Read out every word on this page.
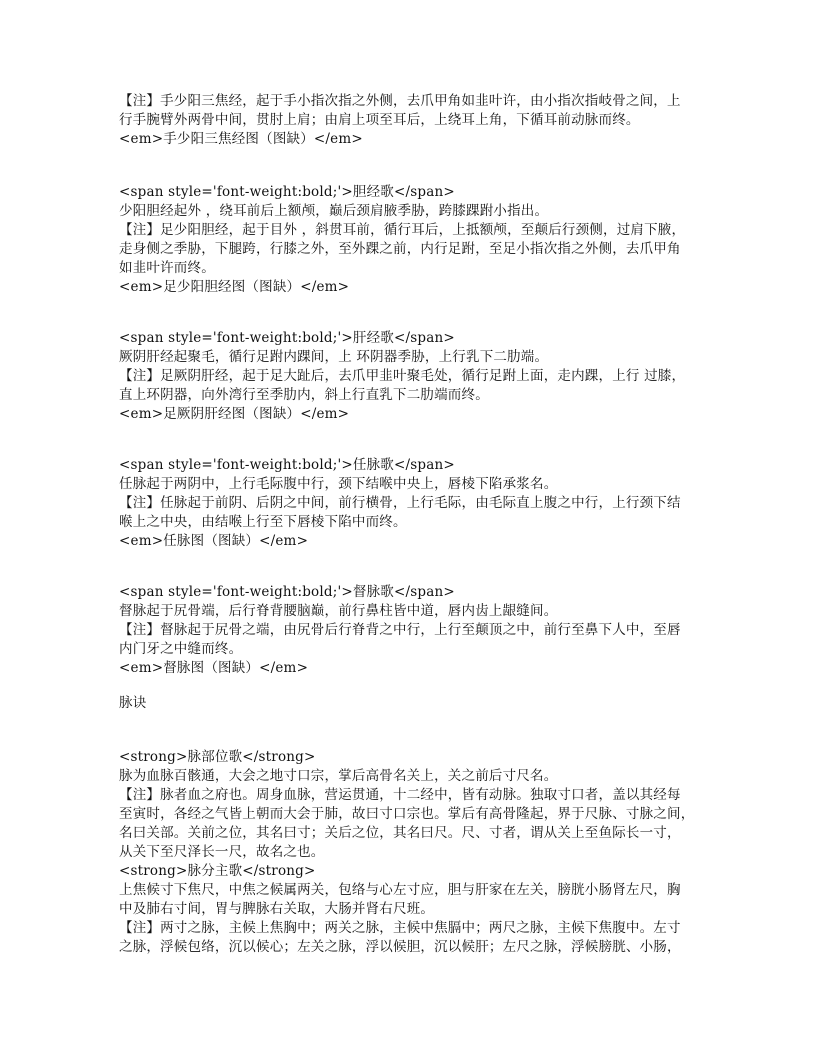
【注】手少阳三焦经，起于手小指次指之外侧，去爪甲角如韭叶许，由小指次指岐骨之间，上
行手腕臂外两骨中间，贯肘上肩；由肩上项至耳后，上绕耳上角，下循耳前动脉而终。
<em>手少阳三焦经图（图缺）</em>
<span style='font-weight:bold;'>胆经歌</span>
少阳胆经起外 ，绕耳前后上额颅，巅后颈肩腋季胁，跨膝踝跗小指出。
【注】足少阳胆经，起于目外 ，斜贯耳前，循行耳后，上抵额颅，至颠后行颈侧，过肩下腋，
走身侧之季胁，下腿跨，行膝之外，至外踝之前，内行足跗，至足小指次指之外侧，去爪甲角
如韭叶许而终。
<em>足少阳胆经图（图缺）</em>
<span style='font-weight:bold;'>肝经歌</span>
厥阴肝经起聚毛，循行足跗内踝间，上 环阴器季胁，上行乳下二肋端。
【注】足厥阴肝经，起于足大趾后，去爪甲韭叶聚毛处，循行足跗上面，走内踝，上行 过膝，
直上环阴器，向外湾行至季肋内，斜上行直乳下二肋端而终。
<em>足厥阴肝经图（图缺）</em>
<span style='font-weight:bold;'>任脉歌</span>
任脉起于两阴中，上行毛际腹中行，颈下结喉中央上，唇棱下陷承浆名。
【注】任脉起于前阴、后阴之中间，前行横骨，上行毛际，由毛际直上腹之中行，上行颈下结
喉上之中央，由结喉上行至下唇棱下陷中而终。
<em>任脉图（图缺）</em>
<span style='font-weight:bold;'>督脉歌</span>
督脉起于尻骨端，后行脊背腰脑巅，前行鼻柱皆中道，唇内齿上龈缝间。
【注】督脉起于尻骨之端，由尻骨后行脊背之中行，上行至颠顶之中，前行至鼻下人中，至唇
内门牙之中缝而终。
<em>督脉图（图缺）</em>
脉诀
<strong>脉部位歌</strong>
脉为血脉百骸通，大会之地寸口宗，掌后高骨名关上，关之前后寸尺名。
【注】脉者血之府也。周身血脉，营运贯通，十二经中，皆有动脉。独取寸口者，盖以其经每
至寅时，各经之气皆上朝而大会于肺，故曰寸口宗也。掌后有高骨隆起，界于尺脉、寸脉之间，
名曰关部。关前之位，其名曰寸；关后之位，其名曰尺。尺、寸者，谓从关上至鱼际长一寸，
从关下至尺泽长一尺，故名之也。
<strong>脉分主歌</strong>
上焦候寸下焦尺，中焦之候属两关，包络与心左寸应，胆与肝家在左关，膀胱小肠肾左尺，胸
中及肺右寸间，胃与脾脉右关取，大肠并肾右尺班。
【注】两寸之脉，主候上焦胸中；两关之脉，主候中焦膈中；两尺之脉，主候下焦腹中。左寸
之脉，浮候包络，沉以候心；左关之脉，浮以候胆，沉以候肝；左尺之脉，浮候膀胱、小肠，
